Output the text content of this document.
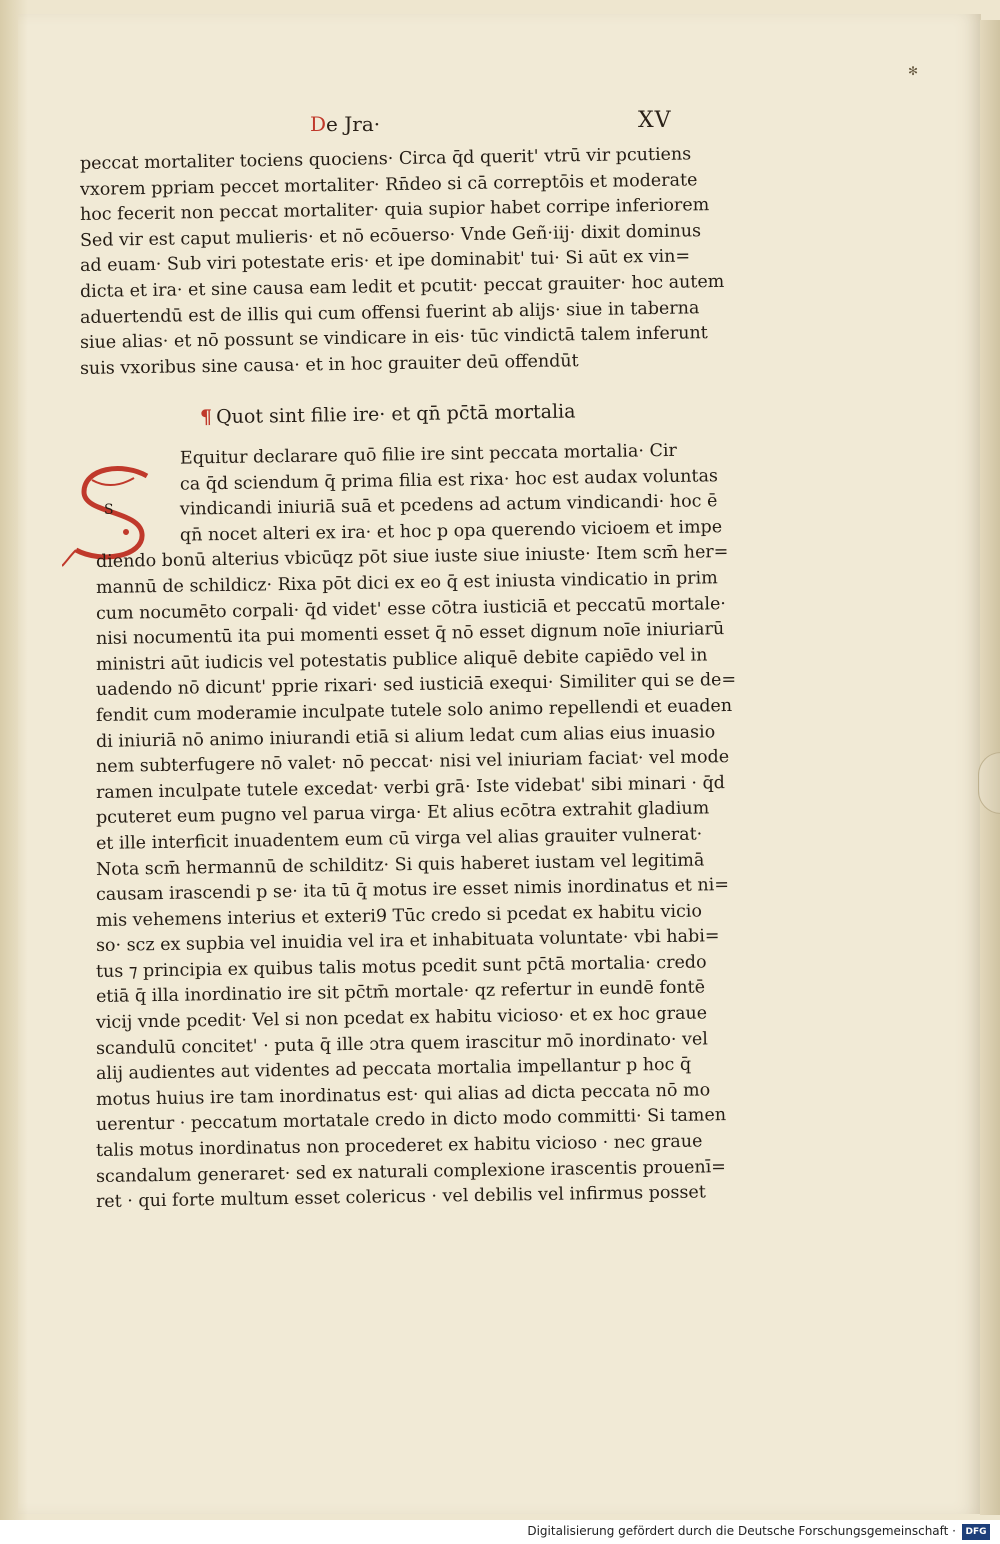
✻
De Jra·	XV
peccat mortaliter tociens quociens· Circa q̄d querit' vtrū vir pcutiens
vxorem ppriam peccet mortaliter· Rn̄deo si cā correptōis et moderate
hoc fecerit non peccat mortaliter· quia supior habet corripe inferiorem
Sed vir est caput mulieris· et nō ecōuerso· Vnde Geñ·iij· dixit dominus
ad euam· Sub viri potestate eris· et ipe dominabit' tui· Si aūt ex vin=
dicta et ira· et sine causa eam ledit et pcutit· peccat grauiter· hoc autem
aduertendū est de illis qui cum offensi fuerint ab alijs· siue in taberna
siue alias· et nō possunt se vindicare in eis· tūc vindictā talem inferunt
suis vxoribus sine causa· et in hoc grauiter deū offendūt
¶ Quot sint filie ire· et qn̄ pc̄tā mortalia
S
Equitur declarare quō filie ire sint peccata mortalia· Cir
ca q̄d sciendum q̄ prima filia est rixa· hoc est audax voluntas
vindicandi iniuriā suā et pcedens ad actum vindicandi· hoc ē
qn̄ nocet alteri ex ira· et hoc p opa querendo vicioem et impe
diendo bonū alterius vbicūqz pōt siue iuste siue iniuste· Item scm̄ her=
mannū de schildicz· Rixa pōt dici ex eo q̄ est iniusta vindicatio in prim
cum nocumēto corpali· q̄d videt' esse cōtra iusticiā et peccatū mortale·
nisi nocumentū ita pui momenti esset q̄ nō esset dignum noīe iniuriarū
ministri aūt iudicis vel potestatis publice aliquē debite capiēdo vel in
uadendo nō dicunt' pprie rixari· sed iusticiā exequi· Similiter qui se de=
fendit cum moderamie inculpate tutele solo animo repellendi et euaden
di iniuriā nō animo iniurandi etiā si alium ledat cum alias eius inuasio
nem subterfugere nō valet· nō peccat· nisi vel iniuriam faciat· vel mode
ramen inculpate tutele excedat· verbi grā· Iste videbat' sibi minari · q̄d
pcuteret eum pugno vel parua virga· Et alius ecōtra extrahit gladium
et ille interficit inuadentem eum cū virga vel alias grauiter vulnerat·
Nota scm̄ hermannū de schilditz· Si quis haberet iustam vel legitimā
causam irascendi p se· ita tū q̄ motus ire esset nimis inordinatus et ni=
mis vehemens interius et exteri9 Tūc credo si pcedat ex habitu vicio
so· scz ex supbia vel inuidia vel ira et inhabituata voluntate· vbi habi=
tus ⁊ principia ex quibus talis motus pcedit sunt pc̄tā mortalia· credo
etiā q̄ illa inordinatio ire sit pc̄tm̄ mortale· qz refertur in eundē fontē
vicij vnde pcedit· Vel si non pcedat ex habitu vicioso· et ex hoc graue
scandulū concitet' · puta q̄ ille ɔtra quem irascitur mō inordinato· vel
alij audientes aut videntes ad peccata mortalia impellantur p hoc q̄
motus huius ire tam inordinatus est· qui alias ad dicta peccata nō mo
uerentur · peccatum mortatale credo in dicto modo committi· Si tamen
talis motus inordinatus non procederet ex habitu vicioso · nec graue
scandalum generaret· sed ex naturali complexione irascentis prouenī=
ret · qui forte multum esset colericus · vel debilis vel infirmus posset
Digitalisierung gefördert durch die Deutsche Forschungsgemeinschaft ·	DFG
